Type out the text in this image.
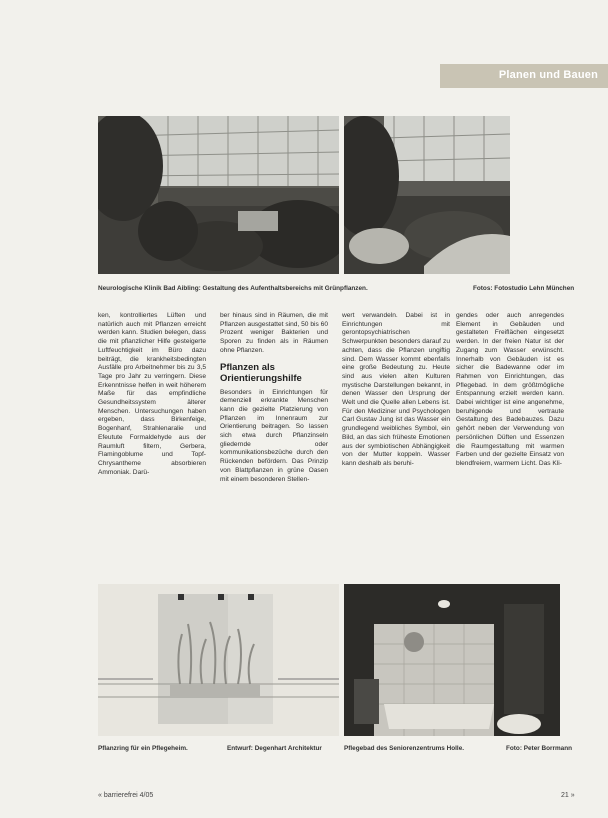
Planen und Bauen
Neurologische Klinik Bad Aibling: Gestaltung des Aufenthaltsbereichs mit Grünpflanzen.	Fotos: Fotostudio Lehn München

ken, kontrolliertes Lüften und natürlich auch mit Pflanzen erreicht werden kann. Studien belegen, dass die mit pflanzlicher Hilfe gesteigerte Luftfeuchtigkeit im Büro dazu beiträgt, die krankheitsbedingten Ausfälle pro Arbeitnehmer bis zu 3,5 Tage pro Jahr zu verringern. Diese Erkenntnisse helfen in weit höherem Maße für das empfindliche Gesundheitssystem älterer Menschen. Untersuchungen haben ergeben, dass Birkenfeige, Bogenhanf, Strahlenaralie und Efeutute Formaldehyde aus der Raumluft filtern, Gerbera, Flamingoblume und Topf-Chrysantheme absorbieren Ammoniak. Darü-

ber hinaus sind in Räumen, die mit Pflanzen ausgestattet sind, 50 bis 60 Prozent weniger Bakterien und Sporen zu finden als in Räumen ohne Pflanzen.

Pflanzen als Orientierungshilfe

Besonders in Einrichtungen für demenziell erkrankte Menschen kann die gezielte Platzierung von Pflanzen im Innenraum zur Orientierung beitragen. So lassen sich etwa durch Pflanzinseln gliedernde oder kommunikationsbezüche durch den Rückenden befördern. Das Prinzip von Blattpflanzen in grüne Oasen mit einem besonderen Stellen-

wert verwandeln. Dabei ist in Einrichtungen mit gerontopsychiatrischen Schwerpunkten besonders darauf zu achten, dass die Pflanzen ungiftig sind. Dem Wasser kommt ebenfalls eine große Bedeutung zu. Heute sind aus vielen alten Kulturen mystische Darstellungen bekannt, in denen Wasser den Ursprung der Welt und die Quelle allen Lebens ist. Für den Mediziner und Psychologen Carl Gustav Jung ist das Wasser ein grundlegend weibliches Symbol, ein Bild, an das sich früheste Emotionen aus der symbiotischen Abhängigkeit von der Mutter koppeln. Wasser kann deshalb als beruhi-

gendes oder auch anregendes Element in Gebäuden und gestalteten Freiflächen eingesetzt werden. In der freien Natur ist der Zugang zum Wasser erwünscht. Innerhalb von Gebäuden ist es sicher die Badewanne oder im Rahmen von Einrichtungen, das Pflegebad. In dem größtmögliche Entspannung erzielt werden kann. Dabei wichtiger ist eine angenehme, beruhigende und vertraute Gestaltung des Badebauzes. Dazu gehört neben der Verwendung von persönlichen Düften und Essenzen die Raumgestaltung mit warmen Farben und der gezielte Einsatz von blendfreiem, warmem Licht. Das Kli-

Pflanzring für ein Pflegeheim.	Entwurf: Degenhart Architektur	Pflegebad des Seniorenzentrums Holle.	Foto: Peter Borrmann
« barrierefrei 4/05	21 »
